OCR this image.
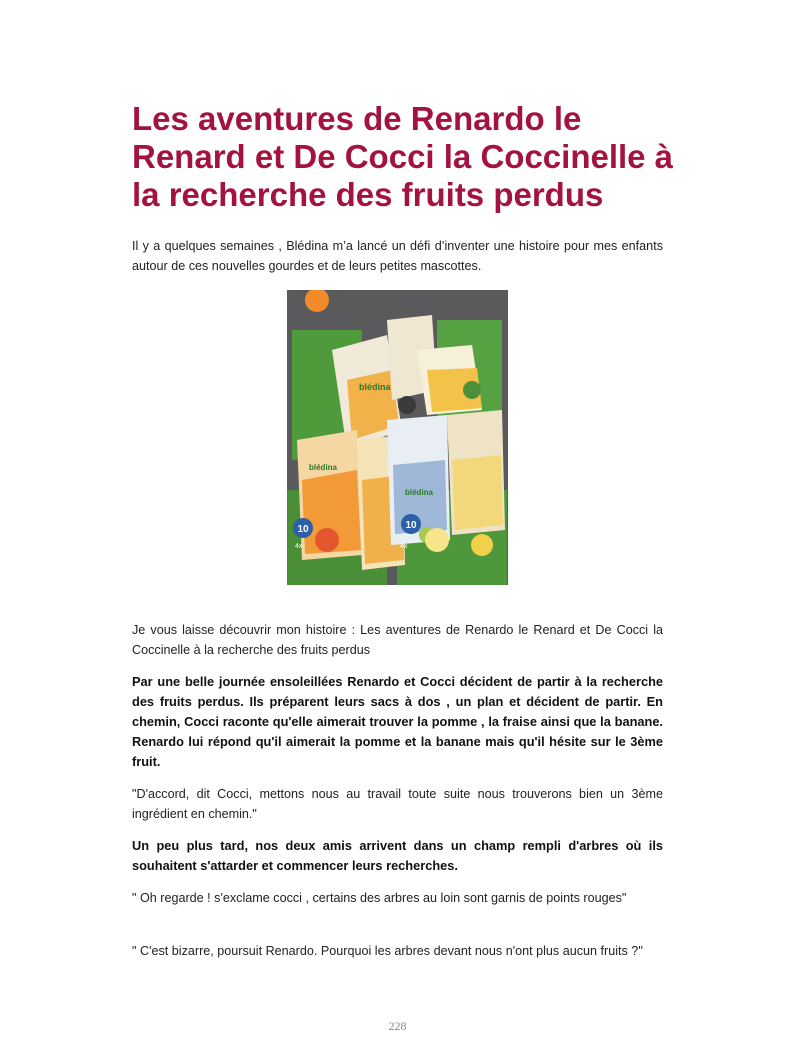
Les aventures de Renardo le Renard et De Cocci la Coccinelle à la recherche des fruits perdus

Il y a quelques semaines , Blédina m’a lancé un défi d’inventer une histoire pour mes enfants autour de ces nouvelles gourdes et de leurs petites mascottes.

blédina
blédina
blédina
10	10
4x	4x

Je vous laisse découvrir mon histoire : Les aventures de Renardo le Renard et De Cocci la Coccinelle à la recherche des fruits perdus

Par une belle journée ensoleillées Renardo et Cocci décident de partir à la recherche des fruits perdus. Ils préparent leurs sacs à dos , un plan et décident de partir. En chemin, Cocci raconte qu'elle aimerait trouver la pomme , la fraise ainsi que la banane. Renardo lui répond qu'il aimerait la pomme et la banane mais qu'il hésite sur le 3ème fruit.

"D'accord, dit Cocci, mettons nous au travail toute suite nous trouverons bien un 3ème ingrédient en chemin."

Un peu plus tard, nos deux amis arrivent dans un champ rempli d'arbres où ils souhaitent s'attarder et commencer leurs recherches.

" Oh regarde ! s'exclame cocci , certains des arbres au loin sont garnis de points rouges"

" C'est bizarre, poursuit Renardo. Pourquoi les arbres devant nous n'ont plus aucun fruits ?"

228
